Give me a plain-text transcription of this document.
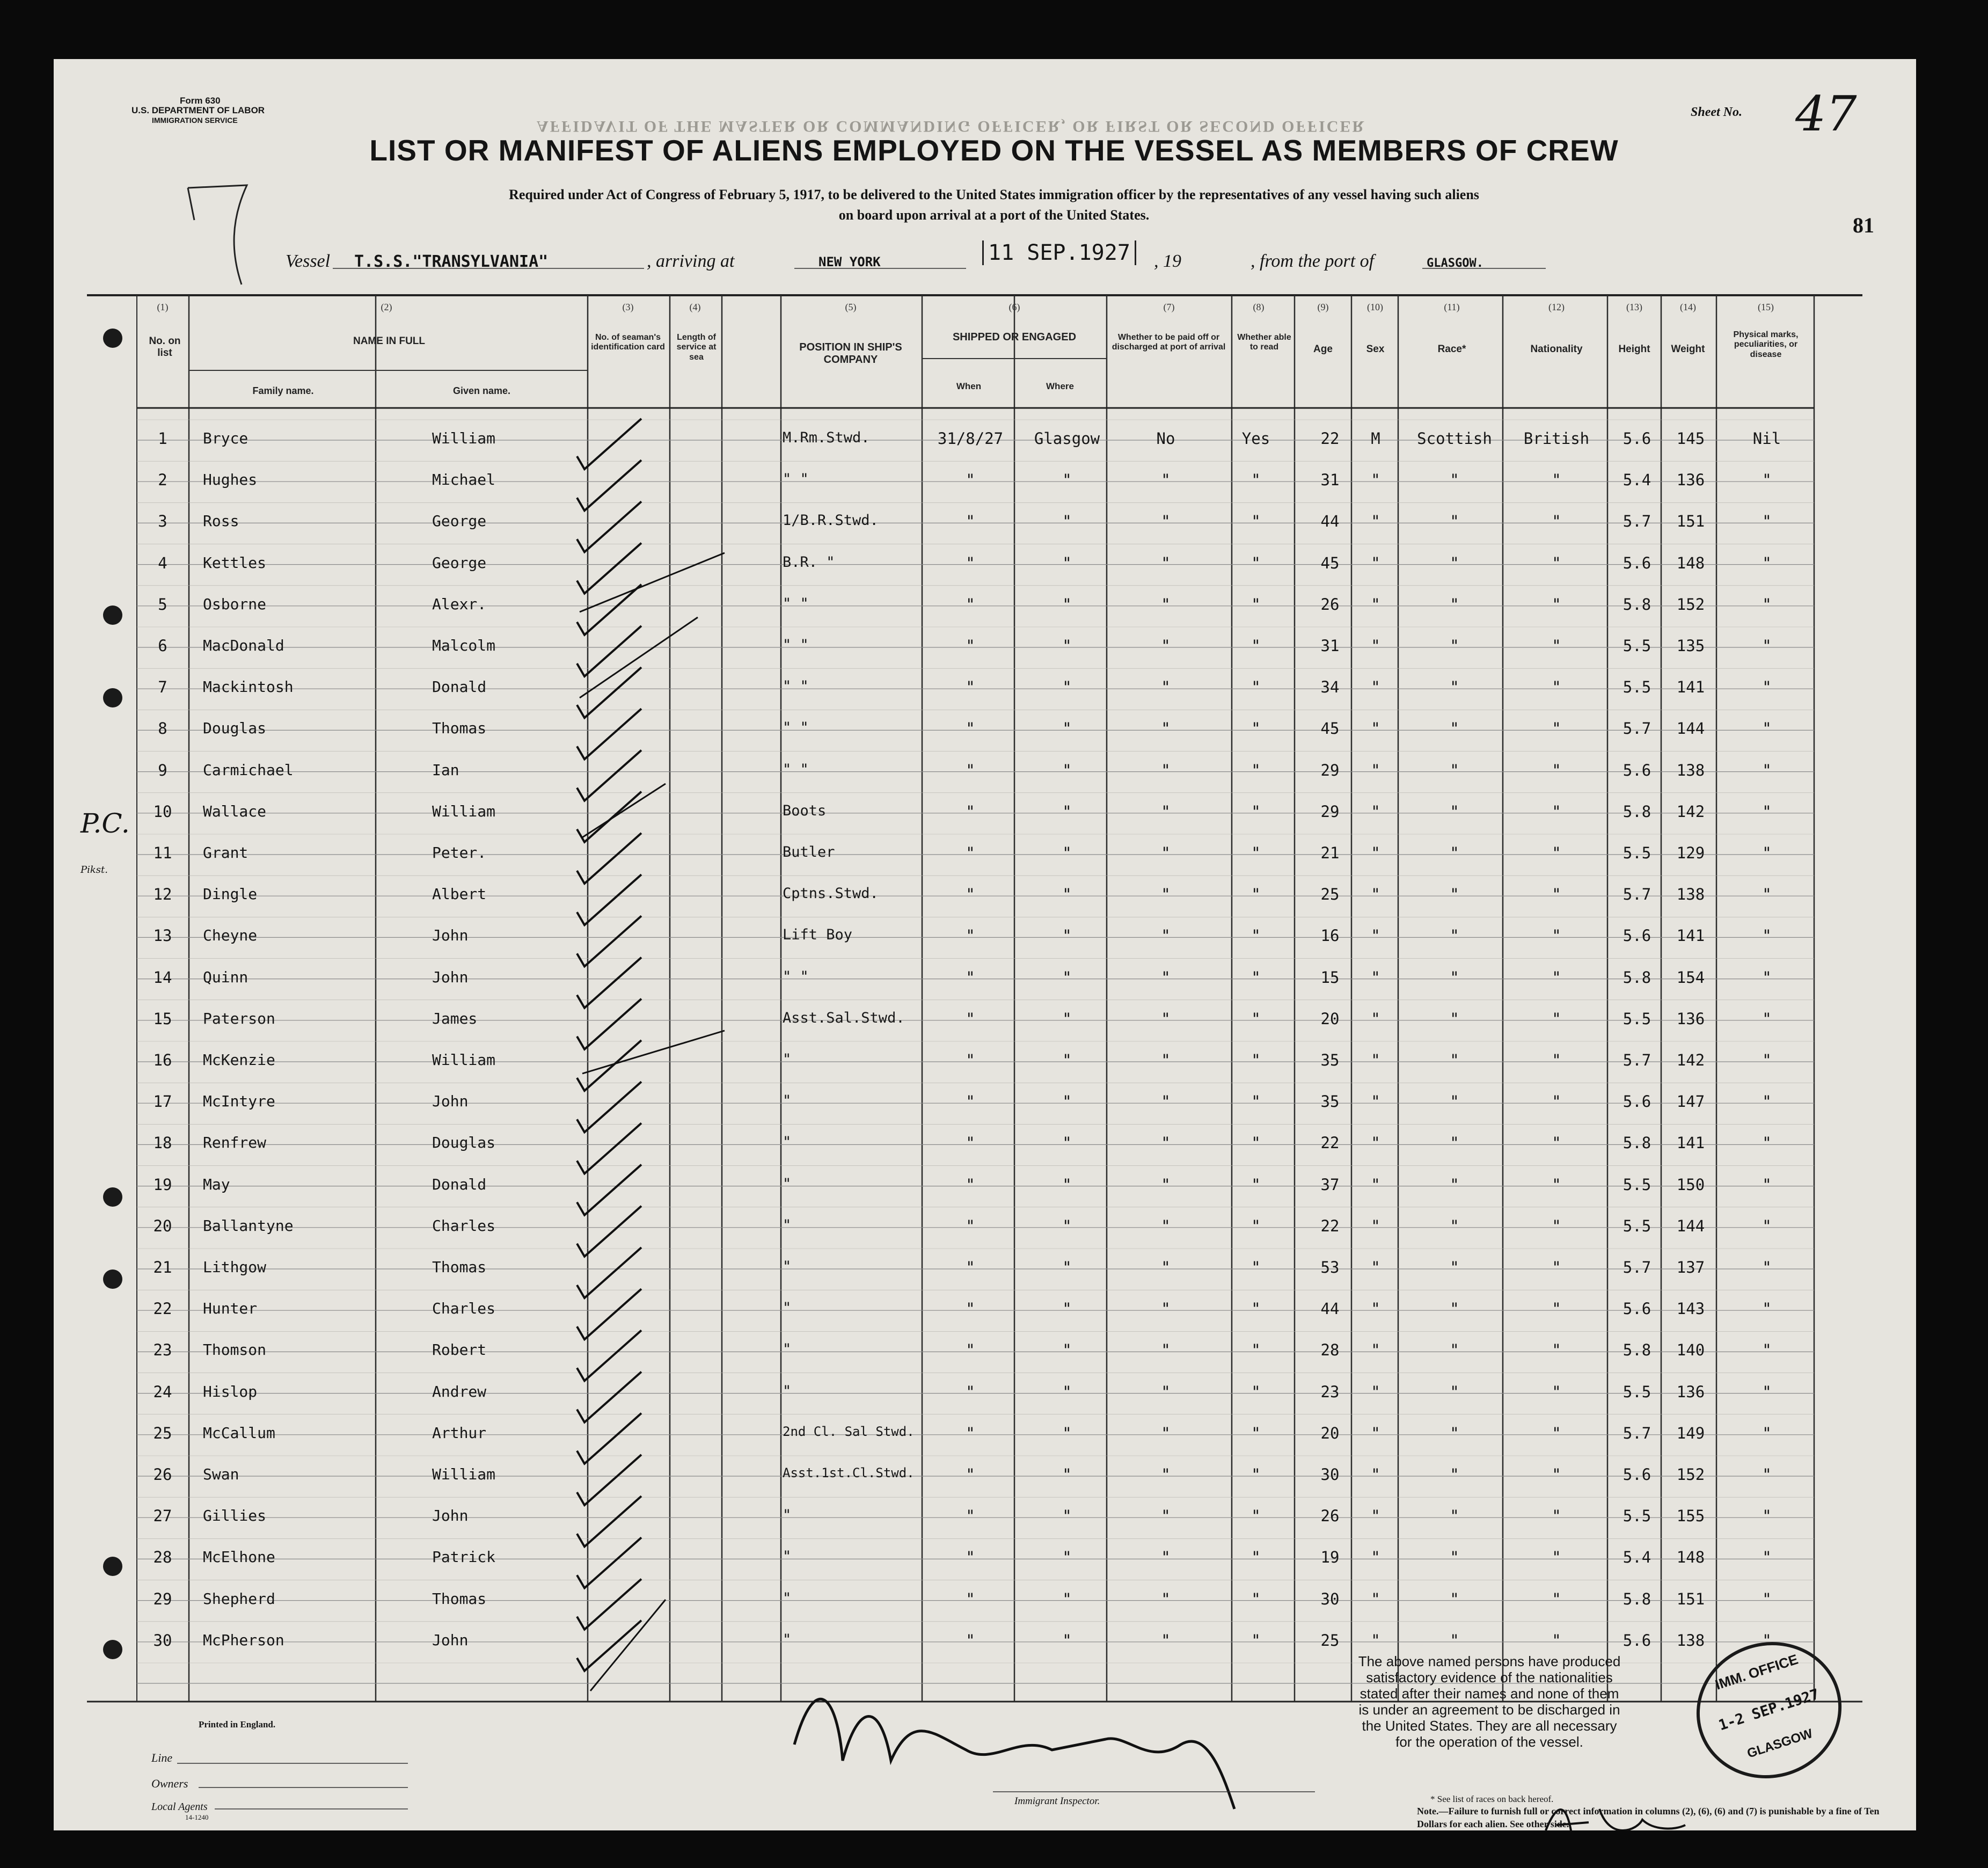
Form 630
U.S. DEPARTMENT OF LABOR
IMMIGRATION SERVICE	AFFIDAVIT OF THE MASTER OR COMMANDING OFFICER, OR FIRST OR SECOND OFFICER
Sheet No. 47
81
LIST OR MANIFEST OF ALIENS EMPLOYED ON THE VESSEL AS MEMBERS OF CREW
Required under Act of Congress of February 5, 1917, to be delivered to the United States immigration officer by the representatives of any vessel having such aliens
on board upon arrival at a port of the United States.
Vessel T.S.S."TRANSYLVANIA"	, arriving at	NEW YORK	11 SEP.1927	, 19	, from the port of	GLASGOW.
(1)	(2)	(3)	(4)	(5)	(6)	(7)	(8)	(9)	(10)	(11)	(12)	(13)	(14)	(15)
No. on list
NAME IN FULL
Family name.	Given name.
No. of seaman's identification card
Length of service at sea
POSITION IN SHIP'S COMPANY
SHIPPED OR ENGAGED
When	Where
Whether to be paid off or discharged at port of arrival
Whether able to read	Age	Sex	Race*	Nationality	Height	Weight
Physical marks, peculiarities, or disease
1 Bryce	William	M.Rm.Stwd.	31/8/27 Glasgow	No	Yes	22 M Scottish British 5.6 145	Nil
2 Hughes	Michael	" "	"	"	"	"	31 "	"	"	5.4 136	"
3 Ross	George	1/B.R.Stwd.	"	"	"	"	44 "	"	"	5.7 151	"
4 Kettles	George	B.R. "	"	"	"	"	45 "	"	"	5.6 148	"
5 Osborne	Alexr.	" "	"	"	"	"	26 "	"	"	5.8 152	"
6 MacDonald	Malcolm	" "	"	"	"	"	31 "	"	"	5.5 135	"
7 Mackintosh	Donald	" "	"	"	"	"	34 "	"	"	5.5 141	"
8 Douglas	Thomas	" "	"	"	"	"	45 "	"	"	5.7 144	"
9 Carmichael	Ian	" "	"	"	"	"	29 "	"	"	5.6 138	"
10 Wallace	William	Boots	"	"	"	"	29 "	"	"	5.8 142	"
11 Grant	Peter.	Butler	"	"	"	"	21 "	"	"	5.5 129	"
12 Dingle	Albert	Cptns.Stwd.	"	"	"	"	25 "	"	"	5.7 138	"
13 Cheyne	John	Lift Boy	"	"	"	"	16 "	"	"	5.6 141	"
14 Quinn	John	" "	"	"	"	"	15 "	"	"	5.8 154	"
15 Paterson	James	Asst.Sal.Stwd.	"	"	"	"	20 "	"	"	5.5 136	"
16 McKenzie	William	"	"	"	"	"	35 "	"	"	5.7 142	"
17 McIntyre	John	"	"	"	"	"	35 "	"	"	5.6 147	"
18 Renfrew	Douglas	"	"	"	"	"	22 "	"	"	5.8 141	"
19 May	Donald	"	"	"	"	"	37 "	"	"	5.5 150	"
20 Ballantyne	Charles	"	"	"	"	"	22 "	"	"	5.5 144	"
21 Lithgow	Thomas	"	"	"	"	"	53 "	"	"	5.7 137	"
22 Hunter	Charles	"	"	"	"	"	44 "	"	"	5.6 143	"
23 Thomson	Robert	"	"	"	"	"	28 "	"	"	5.8 140	"
24 Hislop	Andrew	"	"	"	"	"	23 "	"	"	5.5 136	"
25 McCallum	Arthur	2nd Cl. Sal Stwd.	"	"	"	"	20 "	"	"	5.7 149	"
26 Swan	William	Asst.1st.Cl.Stwd.	"	"	"	"	30 "	"	"	5.6 152	"
27 Gillies	John	"	"	"	"	"	26 "	"	"	5.5 155	"
28 McElhone	Patrick	"	"	"	"	"	19 "	"	"	5.4 148	"
29 Shepherd	Thomas	"	"	"	"	"	30 "	"	"	5.8 151	"
30 McPherson	John	"	"	"	"	"	25 "	"	"	5.6 138	"
P.C.
Pikst.
The above named persons have produced
satisfactory evidence of the nationalities
stated after their names and none of them
is under an agreement to be discharged in
the United States. They are all necessary
for the operation of the vessel.
IMM. OFFICE
1-2 SEP.1927
GLASGOW
Printed in England.
Line
Owners
Local Agents
14-1240
Immigrant Inspector.	* See list of races on back hereof.
Note.—Failure to furnish full or correct information in columns (2), (6), (6) and (7) is punishable by a fine of Ten Dollars for each alien. See other side.
